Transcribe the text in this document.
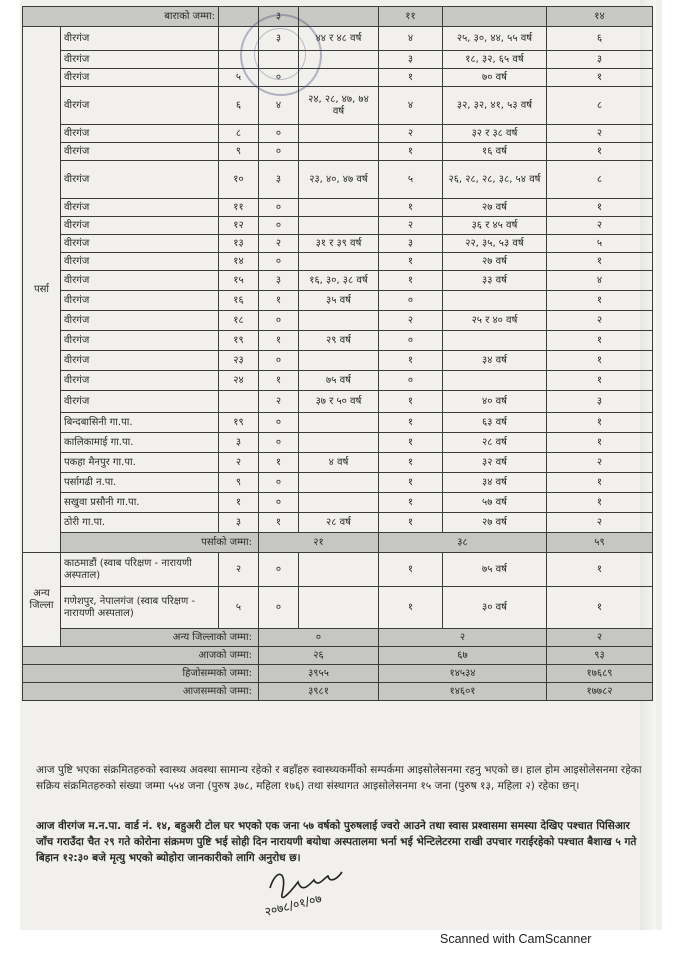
बाराको जम्मा:			३		११		१४
पर्सा	वीरगंज		३	४४ र ४८ वर्ष	४	२५, ३०, ४४, ५५ वर्ष	६
	वीरगंज				३	१८, ३२, ६५ वर्ष	३
	वीरगंज	५	०		१	७० वर्ष	१
	वीरगंज	६	४	२४, २८, ४७, ७४ वर्ष	४	३२, ३२, ४१, ५३ वर्ष	८
	वीरगंज	८	०		२	३२ र ३८ वर्ष	२
	वीरगंज	९	०		१	१६ वर्ष	१
	वीरगंज	१०	३	२३, ४०, ४७ वर्ष	५	२६, २८, २८, ३८, ५४ वर्ष	८
	वीरगंज	११	०		१	२७ वर्ष	१
	वीरगंज	१२	०		२	३६ र ४५ वर्ष	२
	वीरगंज	१३	२	३१ र ३९ वर्ष	३	२२, ३५, ५३ वर्ष	५
	वीरगंज	१४	०		१	२७ वर्ष	१
	वीरगंज	१५	३	१६, ३०, ३८ वर्ष	१	३३ वर्ष	४
	वीरगंज	१६	१	३५ वर्ष	०		१
	वीरगंज	१८	०		२	२५ र ४० वर्ष	२
	वीरगंज	१९	१	२९ वर्ष	०		१
	वीरगंज	२३	०		१	३४ वर्ष	१
	वीरगंज	२४	१	७५ वर्ष	०		१
	वीरगंज		२	३७ र ५० वर्ष	१	४० वर्ष	३
	बिन्दबासिनी गा.पा.	१९	०		१	६३ वर्ष	१
	कालिकामाई गा.पा.	३	०		१	२८ वर्ष	१
	पकहा मैनपुर गा.पा.	२	१	४ वर्ष	१	३२ वर्ष	२
	पर्सागढी न.पा.	९	०		१	३४ वर्ष	१
	सखुवा प्रसौनी गा.पा.	१	०		१	५७ वर्ष	१
	ठोरी गा.पा.	३	१	२८ वर्ष	१	२७ वर्ष	२
	पर्साको जम्मा:		२१		३८		५९
अन्य जिल्ला	काठमाडौं (स्वाब परिक्षण - नारायणी अस्पताल)	२	०		१	७५ वर्ष	१
	गणेशपुर, नेपालगंज (स्वाब परिक्षण - नारायणी अस्पताल)	५	०		१	३० वर्ष	१
	अन्य जिल्लाको जम्मा:		०		२		२
आजको जम्मा:			२६		६७		९३
हिजोसम्मको जम्मा:			३९५५		१४५३४		१७६८९
आजसम्मको जम्मा:			३९८१		१४६०१		१७७८२
आज पुष्टि भएका संक्रमितहरुको स्वास्थ्य अवस्था सामान्य रहेको र बहाँहरु स्वास्थ्यकर्मीको सम्पर्कमा आइसोलेसनमा रहनु भएको छ। हाल होम आइसोलेसनमा रहेका सक्रिय संक्रमितहरुको संख्या जम्मा ५५४ जना (पुरुष ३७८, महिला १७६) तथा संस्थागत आइसोलेसनमा १५ जना (पुरुष १३, महिला २) रहेका छन्।
आज वीरगंज म.न.पा. वार्ड नं. १४, बहुअरी टोल घर भएको एक जना ५७ वर्षको पुरुषलाई ज्वरो आउने तथा स्वास प्रश्वासमा समस्या देखिए पश्चात पिसिआर जाँच गराउँदा चैत २९ गते कोरोना संक्रमण पुष्टि भई सोही दिन नारायणी बयोधा अस्पतालमा भर्ना भई भेन्टिलेटरमा राखी उपचार गराईरहेको पश्चात बैशाख ५ गते बिहान १२:३० बजे मृत्यु भएको ब्योहोरा जानकारीको लागि अनुरोध छ।
२०७८/०१/०७
Scanned with CamScanner
